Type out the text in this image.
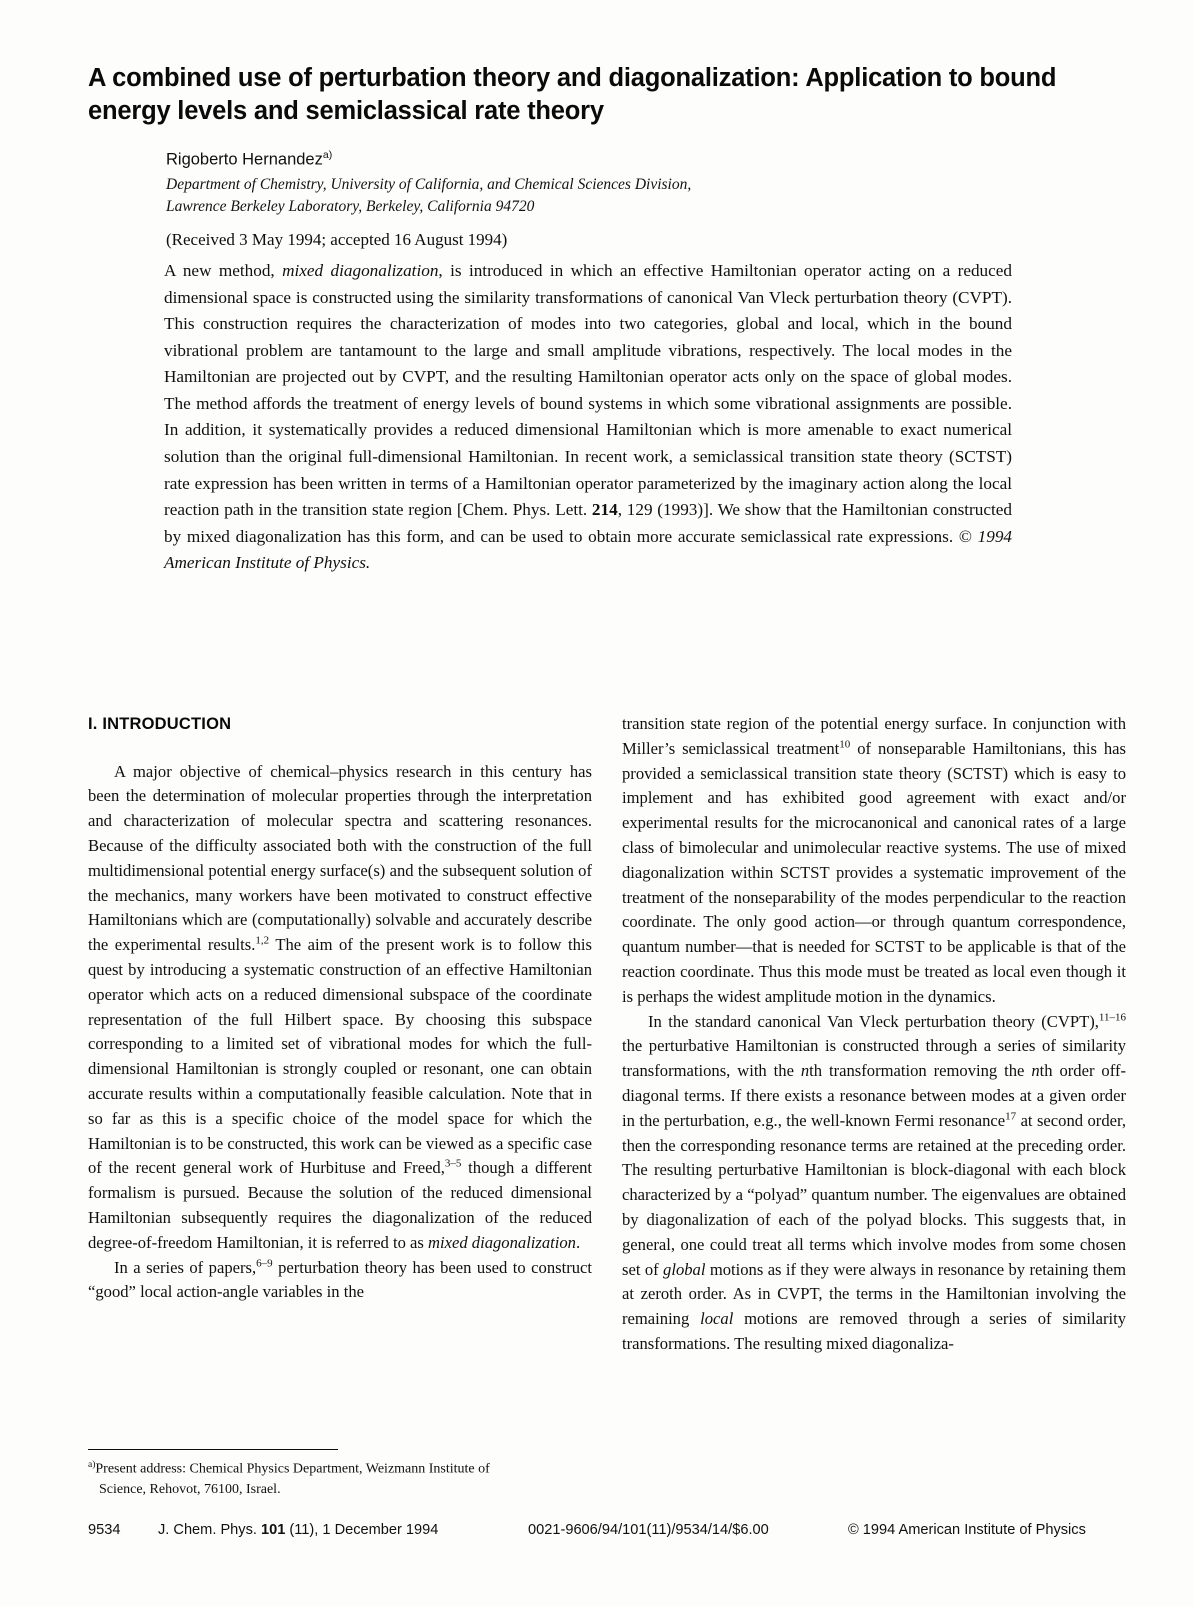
A combined use of perturbation theory and diagonalization: Application to bound energy levels and semiclassical rate theory
Rigoberto Hernandez$^{a)}$
Department of Chemistry, University of California, and Chemical Sciences Division,
Lawrence Berkeley Laboratory, Berkeley, California 94720
(Received 3 May 1994; accepted 16 August 1994)
A new method, mixed diagonalization, is introduced in which an effective Hamiltonian operator acting on a reduced dimensional space is constructed using the similarity transformations of canonical Van Vleck perturbation theory (CVPT). This construction requires the characterization of modes into two categories, global and local, which in the bound vibrational problem are tantamount to the large and small amplitude vibrations, respectively. The local modes in the Hamiltonian are projected out by CVPT, and the resulting Hamiltonian operator acts only on the space of global modes. The method affords the treatment of energy levels of bound systems in which some vibrational assignments are possible. In addition, it systematically provides a reduced dimensional Hamiltonian which is more amenable to exact numerical solution than the original full-dimensional Hamiltonian. In recent work, a semiclassical transition state theory (SCTST) rate expression has been written in terms of a Hamiltonian operator parameterized by the imaginary action along the local reaction path in the transition state region [Chem. Phys. Lett. 214, 129 (1993)]. We show that the Hamiltonian constructed by mixed diagonalization has this form, and can be used to obtain more accurate semiclassical rate expressions. © 1994 American Institute of Physics.
I. INTRODUCTION

A major objective of chemical–physics research in this century has been the determination of molecular properties through the interpretation and characterization of molecular spectra and scattering resonances. Because of the difficulty associated both with the construction of the full multidimensional potential energy surface(s) and the subsequent solution of the mechanics, many workers have been motivated to construct effective Hamiltonians which are (computationally) solvable and accurately describe the experimental results.$^{1,2}$ The aim of the present work is to follow this quest by introducing a systematic construction of an effective Hamiltonian operator which acts on a reduced dimensional subspace of the coordinate representation of the full Hilbert space. By choosing this subspace corresponding to a limited set of vibrational modes for which the full-dimensional Hamiltonian is strongly coupled or resonant, one can obtain accurate results within a computationally feasible calculation. Note that in so far as this is a specific choice of the model space for which the Hamiltonian is to be constructed, this work can be viewed as a specific case of the recent general work of Hurbituse and Freed,$^{3-5}$ though a different formalism is pursued. Because the solution of the reduced dimensional Hamiltonian subsequently requires the diagonalization of the reduced degree-of-freedom Hamiltonian, it is referred to as mixed diagonalization.

In a series of papers,$^{6-9}$ perturbation theory has been used to construct “good” local action-angle variables in the

transition state region of the potential energy surface. In conjunction with Miller’s semiclassical treatment$^{10}$ of nonseparable Hamiltonians, this has provided a semiclassical transition state theory (SCTST) which is easy to implement and has exhibited good agreement with exact and/or experimental results for the microcanonical and canonical rates of a large class of bimolecular and unimolecular reactive systems. The use of mixed diagonalization within SCTST provides a systematic improvement of the treatment of the nonseparability of the modes perpendicular to the reaction coordinate. The only good action—or through quantum correspondence, quantum number—that is needed for SCTST to be applicable is that of the reaction coordinate. Thus this mode must be treated as local even though it is perhaps the widest amplitude motion in the dynamics.

In the standard canonical Van Vleck perturbation theory (CVPT),$^{11-16}$ the perturbative Hamiltonian is constructed through a series of similarity transformations, with the nth transformation removing the nth order off-diagonal terms. If there exists a resonance between modes at a given order in the perturbation, e.g., the well-known Fermi resonance$^{17}$ at second order, then the corresponding resonance terms are retained at the preceding order. The resulting perturbative Hamiltonian is block-diagonal with each block characterized by a “polyad” quantum number. The eigenvalues are obtained by diagonalization of each of the polyad blocks. This suggests that, in general, one could treat all terms which involve modes from some chosen set of global motions as if they were always in resonance by retaining them at zeroth order. As in CVPT, the terms in the Hamiltonian involving the remaining local motions are removed through a series of similarity transformations. The resulting mixed diagonaliza-

$^{a)}$Present address: Chemical Physics Department, Weizmann Institute of
Science, Rehovot, 76100, Israel.
9534	J. Chem. Phys. 101 (11), 1 December 1994	0021-9606/94/101(11)/9534/14/$6.00	© 1994 American Institute of Physics
